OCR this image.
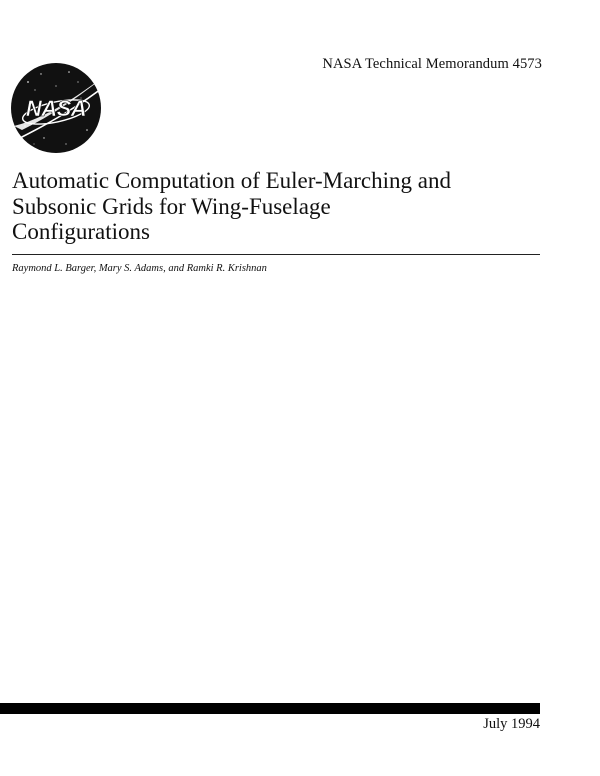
NASA Technical Memorandum 4573
NASA
Automatic Computation of Euler-Marching and
Subsonic Grids for Wing-Fuselage
Configurations
Raymond L. Barger, Mary S. Adams, and Ramki R. Krishnan
July 1994
